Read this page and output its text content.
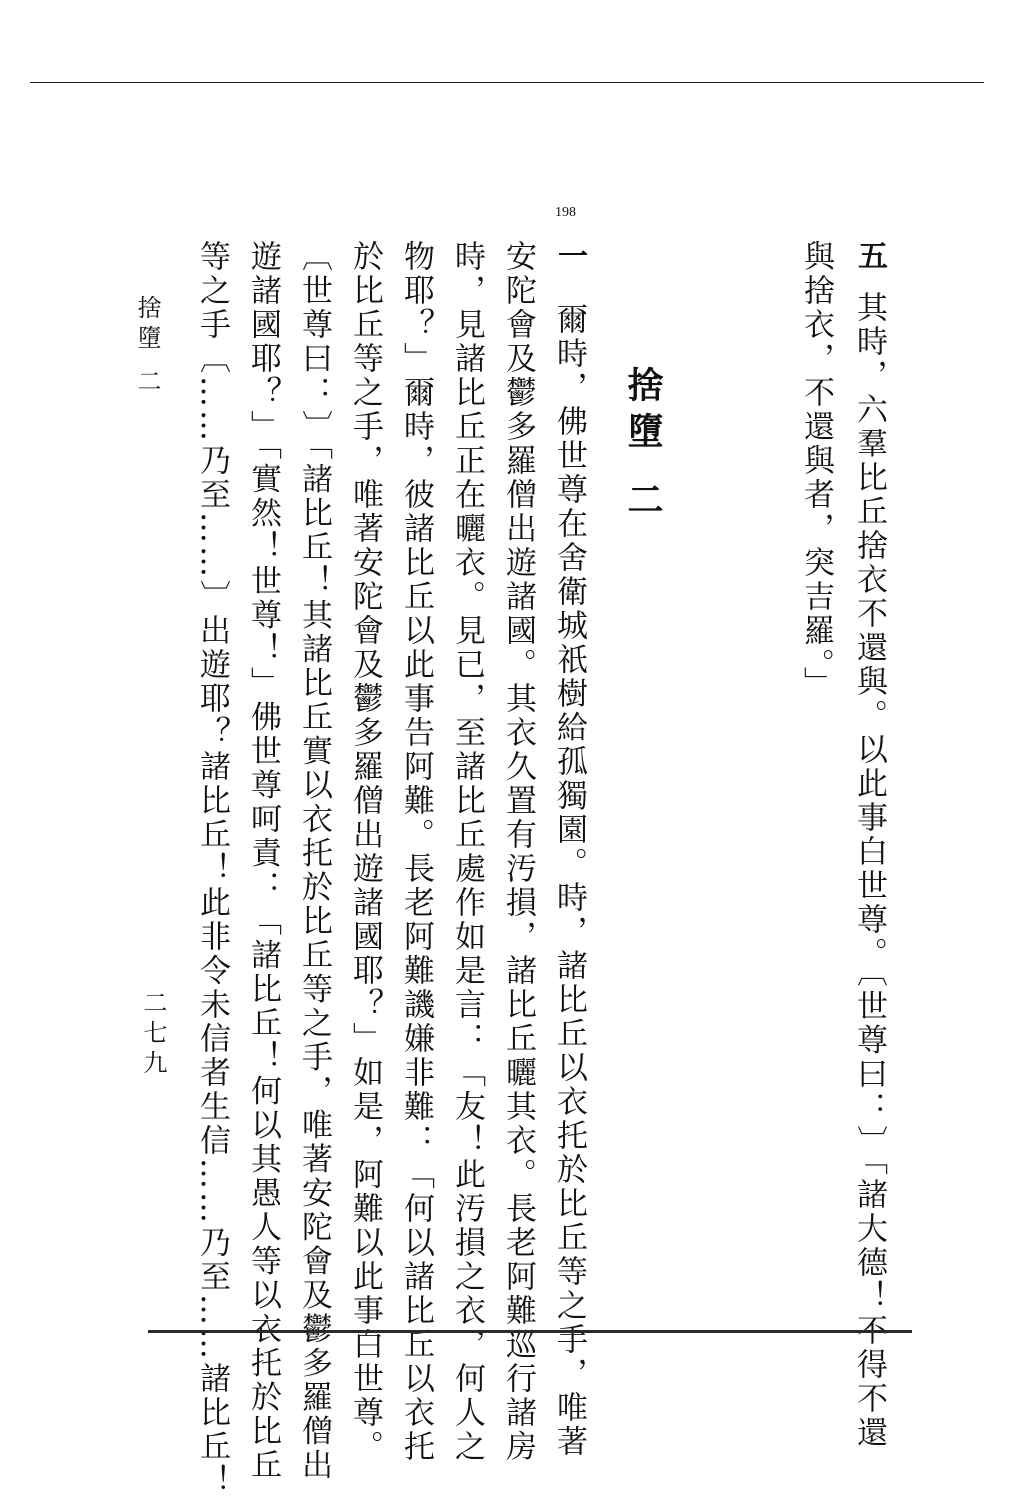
五其時，六羣比丘捨衣不還與。以此事白世尊。〔世尊曰：〕「諸大德！不得不還
與捨衣，不還與者，突吉羅。」
捨墮 二
198
一爾時，佛世尊在舍衛城祇樹給孤獨園。時，諸比丘以衣托於比丘等之手，唯著
安陀會及鬱多羅僧出遊諸國。其衣久置有汚損，諸比丘曬其衣。長老阿難巡行諸房
時，見諸比丘正在曬衣。見已，至諸比丘處作如是言：「友！此汚損之衣，何人之
物耶？」爾時，彼諸比丘以此事告阿難。長老阿難譏嫌非難：「何以諸比丘以衣托
於比丘等之手，唯著安陀會及鬱多羅僧出遊諸國耶？」如是，阿難以此事白世尊。
〔世尊曰：〕「諸比丘！其諸比丘實以衣托於比丘等之手，唯著安陀會及鬱多羅僧出
遊諸國耶？」「實然！世尊！」佛世尊呵責：「諸比丘！何以其愚人等以衣托於比丘
等之手〔……乃至……〕出遊耶？諸比丘！此非令未信者生信……乃至……諸比丘！
捨墮 二
二七九
